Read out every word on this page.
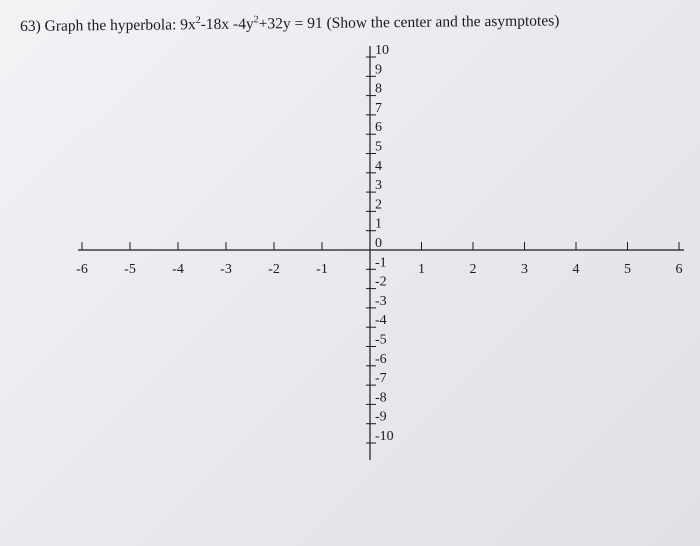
63) Graph the hyperbola: $9x^2-18x$ $-4y^2+32y = 91$ (Show the center and the asymptotes)

-6	-5	-4	-3	-2	-1	1	2	3	4	5	6
10
9
8
7
6
5
4
3
2
1
0
-1
-2
-3
-4
-5
-6
-7
-8
-9
-10
